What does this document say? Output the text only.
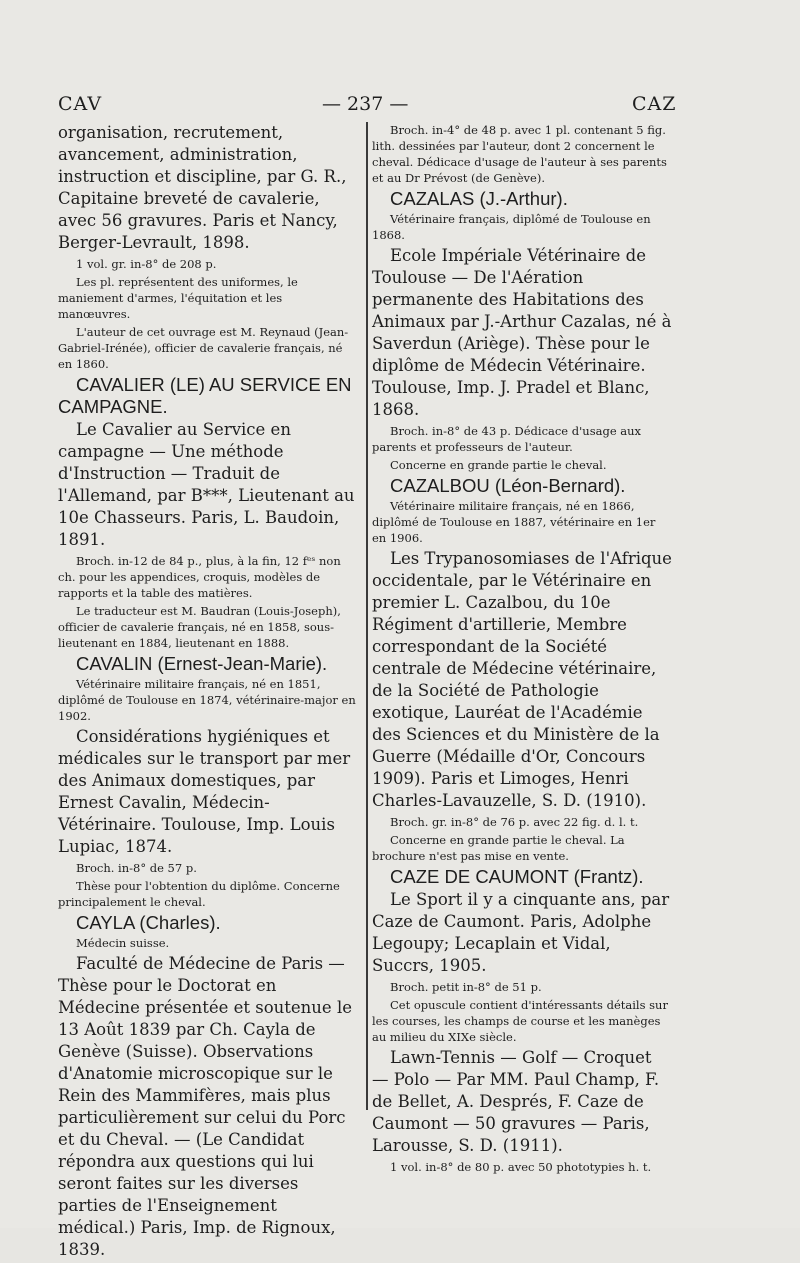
CAV	— 237 —	CAZ

organisation, recrutement, avancement, administration, instruction et discipline, par G. R., Capitaine breveté de cavalerie, avec 56 gravures. Paris et Nancy, Berger-Levrault, 1898.

1 vol. gr. in-8° de 208 p.

Les pl. représentent des uniformes, le maniement d'armes, l'équitation et les manœuvres.

L'auteur de cet ouvrage est M. Reynaud (Jean-Gabriel-Irénée), officier de cavalerie français, né en 1860.

CAVALIER (LE) AU SERVICE EN CAMPAGNE.

Le Cavalier au Service en campagne — Une méthode d'Instruction — Traduit de l'Allemand, par B***, Lieutenant au 10e Chasseurs. Paris, L. Baudoin, 1891.

Broch. in-12 de 84 p., plus, à la fin, 12 fᵉˢ non ch. pour les appendices, croquis, modèles de rapports et la table des matières.

Le traducteur est M. Baudran (Louis-Joseph), officier de cavalerie français, né en 1858, sous-lieutenant en 1884, lieutenant en 1888.

CAVALIN (Ernest-Jean-Marie).

Vétérinaire militaire français, né en 1851, diplômé de Toulouse en 1874, vétérinaire-major en 1902.

Considérations hygiéniques et médicales sur le transport par mer des Animaux domestiques, par Ernest Cavalin, Médecin-Vétérinaire. Toulouse, Imp. Louis Lupiac, 1874.

Broch. in-8° de 57 p.

Thèse pour l'obtention du diplôme. Concerne principalement le cheval.

CAYLA (Charles).

Médecin suisse.

Faculté de Médecine de Paris — Thèse pour le Doctorat en Médecine présentée et soutenue le 13 Août 1839 par Ch. Cayla de Genève (Suisse). Observations d'Anatomie microscopique sur le Rein des Mammifères, mais plus particulièrement sur celui du Porc et du Cheval. — (Le Candidat répondra aux questions qui lui seront faites sur les diverses parties de l'Enseignement médical.) Paris, Imp. de Rignoux, 1839.

Broch. in-4° de 48 p. avec 1 pl. contenant 5 fig. lith. dessinées par l'auteur, dont 2 concernent le cheval. Dédicace d'usage de l'auteur à ses parents et au Dr Prévost (de Genève).

CAZALAS (J.-Arthur).

Vétérinaire français, diplômé de Toulouse en 1868.

Ecole Impériale Vétérinaire de Toulouse — De l'Aération permanente des Habitations des Animaux par J.-Arthur Cazalas, né à Saverdun (Ariège). Thèse pour le diplôme de Médecin Vétérinaire. Toulouse, Imp. J. Pradel et Blanc, 1868.

Broch. in-8° de 43 p. Dédicace d'usage aux parents et professeurs de l'auteur.

Concerne en grande partie le cheval.

CAZALBOU (Léon-Bernard).

Vétérinaire militaire français, né en 1866, diplômé de Toulouse en 1887, vétérinaire en 1er en 1906.

Les Trypanosomiases de l'Afrique occidentale, par le Vétérinaire en premier L. Cazalbou, du 10e Régiment d'artillerie, Membre correspondant de la Société centrale de Médecine vétérinaire, de la Société de Pathologie exotique, Lauréat de l'Académie des Sciences et du Ministère de la Guerre (Médaille d'Or, Concours 1909). Paris et Limoges, Henri Charles-Lavauzelle, S. D. (1910).

Broch. gr. in-8° de 76 p. avec 22 fig. d. l. t.

Concerne en grande partie le cheval. La brochure n'est pas mise en vente.

CAZE DE CAUMONT (Frantz).

Le Sport il y a cinquante ans, par Caze de Caumont. Paris, Adolphe Legoupy; Lecaplain et Vidal, Succrs, 1905.

Broch. petit in-8° de 51 p.

Cet opuscule contient d'intéressants détails sur les courses, les champs de course et les manèges au milieu du XIXe siècle.

Lawn-Tennis — Golf — Croquet — Polo — Par MM. Paul Champ, F. de Bellet, A. Després, F. Caze de Caumont — 50 gravures — Paris, Larousse, S. D. (1911).

1 vol. in-8° de 80 p. avec 50 phototypies h. t.
